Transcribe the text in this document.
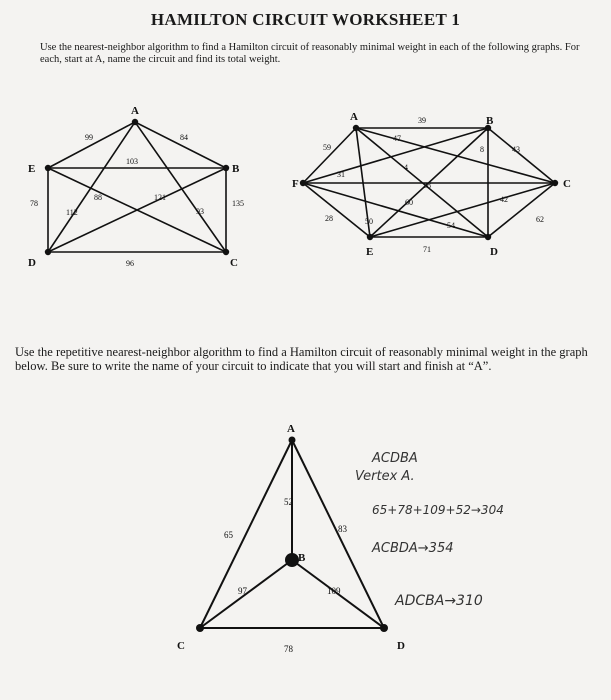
HAMILTON CIRCUIT WORKSHEET 1
Use the nearest-neighbor algorithm to find a Hamilton circuit of reasonably minimal weight in each of the following graphs. For each, start at A, name the circuit and find its total weight.
A
E	B
D	C
99	84
103
88	121
78
112	93
135
96
A	B
C
D
E
F
39
47
59
31
4
38
8	43
60	42
71
54
62
28	50
A
B
C	D
52
65
83
97	109
78
ACDBA
Vertex A.
65+78+109+52→304
ACBDA→354
ADCBA→310
Use the repetitive nearest-neighbor algorithm to find a Hamilton circuit of reasonably minimal weight in the graph below. Be sure to write the name of your circuit to indicate that you will start and finish at “A”.
